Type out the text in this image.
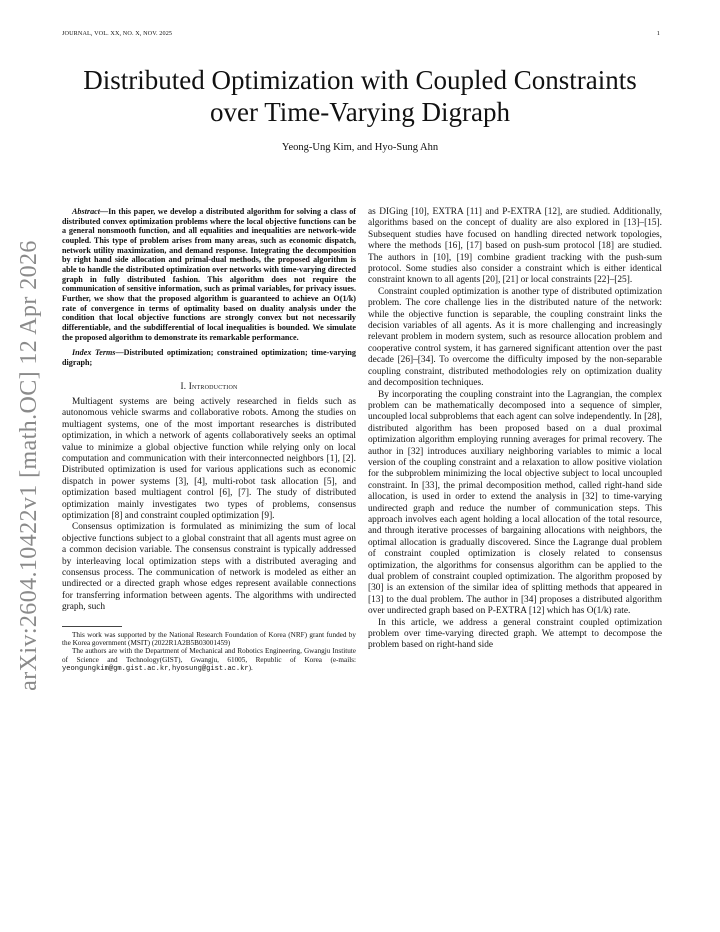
JOURNAL, VOL. XX, NO. X, NOV. 2025	1
arXiv:2604.10422v1 [math.OC] 12 Apr 2026
Distributed Optimization with Coupled Constraints
over Time-Varying Digraph
Yeong-Ung Kim, and Hyo-Sung Ahn

Abstract—In this paper, we develop a distributed algorithm for solving a class of distributed convex optimization problems where the local objective functions can be a general nonsmooth function, and all equalities and inequalities are network-wide coupled. This type of problem arises from many areas, such as economic dispatch, network utility maximization, and demand response. Integrating the decomposition by right hand side allocation and primal-dual methods, the proposed algorithm is able to handle the distributed optimization over networks with time-varying directed graph in fully distributed fashion. This algorithm does not require the communication of sensitive information, such as primal variables, for privacy issues. Further, we show that the proposed algorithm is guaranteed to achieve an O(1/k) rate of convergence in terms of optimality based on duality analysis under the condition that local objective functions are strongly convex but not necessarily differentiable, and the subdifferential of local inequalities is bounded. We simulate the proposed algorithm to demonstrate its remarkable performance.

Index Terms—Distributed optimization; constrained optimization; time-varying digraph;

I. Introduction

Multiagent systems are being actively researched in fields such as autonomous vehicle swarms and collaborative robots. Among the studies on multiagent systems, one of the most important researches is distributed optimization, in which a network of agents collaboratively seeks an optimal value to minimize a global objective function while relying only on local computation and communication with their interconnected neighbors [1], [2]. Distributed optimization is used for various applications such as economic dispatch in power systems [3], [4], multi-robot task allocation [5], and optimization based multiagent control [6], [7]. The study of distributed optimization mainly investigates two types of problems, consensus optimization [8] and constraint coupled optimization [9].

Consensus optimization is formulated as minimizing the sum of local objective functions subject to a global constraint that all agents must agree on a common decision variable. The consensus constraint is typically addressed by interleaving local optimization steps with a distributed averaging and consensus process. The communication of network is modeled as either an undirected or a directed graph whose edges represent available connections for transferring information between agents. The algorithms with undirected graph, such

This work was supported by the National Research Foundation of Korea (NRF) grant funded by the Korea government (MSIT) (2022R1A2B5B03001459)

The authors are with the Department of Mechanical and Robotics Engineering, Gwangju Institute of Science and Technology(GIST), Gwangju, 61005, Republic of Korea (e-mails: yeongungkim@gm.gist.ac.kr, hyosung@gist.ac.kr).

as DIGing [10], EXTRA [11] and P-EXTRA [12], are studied. Additionally, algorithms based on the concept of duality are also explored in [13]–[15]. Subsequent studies have focused on handling directed network topologies, where the methods [16], [17] based on push-sum protocol [18] are studied. The authors in [10], [19] combine gradient tracking with the push-sum protocol. Some studies also consider a constraint which is either identical constraint known to all agents [20], [21] or local constraints [22]–[25].

Constraint coupled optimization is another type of distributed optimization problem. The core challenge lies in the distributed nature of the network: while the objective function is separable, the coupling constraint links the decision variables of all agents. As it is more challenging and increasingly relevant problem in modern system, such as resource allocation problem and cooperative control system, it has garnered significant attention over the past decade [26]–[34]. To overcome the difficulty imposed by the non-separable coupling constraint, distributed methodologies rely on optimization duality and decomposition techniques.

By incorporating the coupling constraint into the Lagrangian, the complex problem can be mathematically decomposed into a sequence of simpler, uncoupled local subproblems that each agent can solve independently. In [28], distributed algorithm has been proposed based on a dual proximal optimization algorithm employing running averages for primal recovery. The author in [32] introduces auxiliary neighboring variables to mimic a local version of the coupling constraint and a relaxation to allow positive violation for the subproblem minimizing the local objective subject to local uncoupled constraint. In [33], the primal decomposition method, called right-hand side allocation, is used in order to extend the analysis in [32] to time-varying undirected graph and reduce the number of communication steps. This approach involves each agent holding a local allocation of the total resource, and through iterative processes of bargaining allocations with neighbors, the optimal allocation is gradually discovered. Since the Lagrange dual problem of constraint coupled optimization is closely related to consensus optimization, the algorithms for consensus algorithm can be applied to the dual problem of constraint coupled optimization. The algorithm proposed by [30] is an extension of the similar idea of splitting methods that appeared in [13] to the dual problem. The author in [34] proposes a distributed algorithm over undirected graph based on P-EXTRA [12] which has O(1/k) rate.

In this article, we address a general constraint coupled optimization problem over time-varying directed graph. We attempt to decompose the problem based on right-hand side
